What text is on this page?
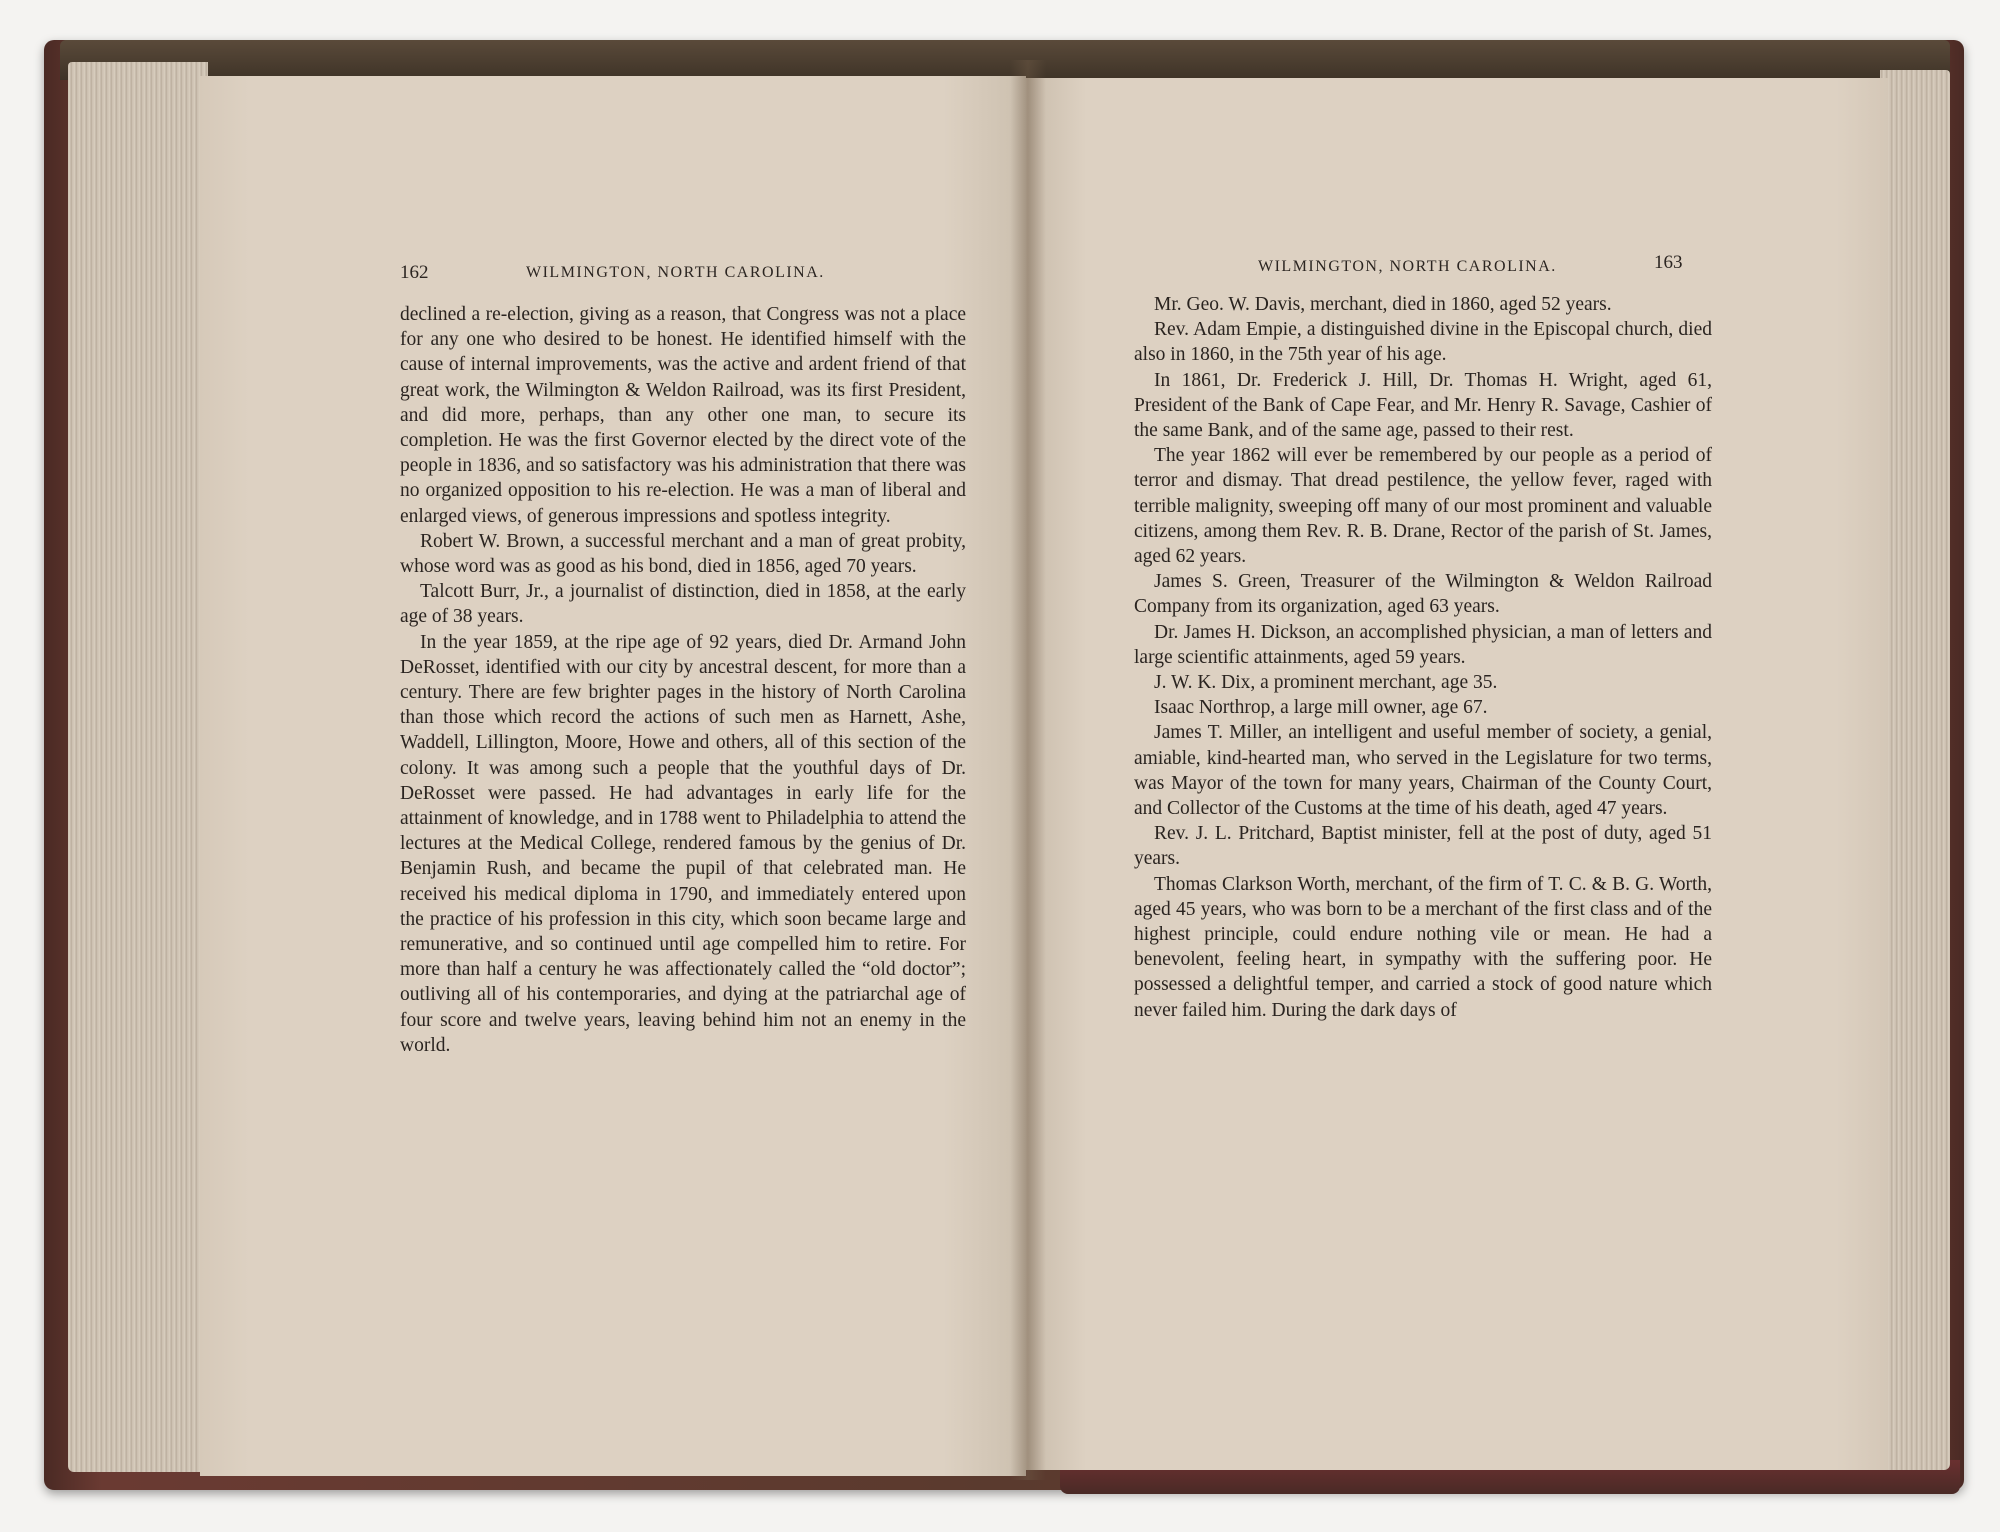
162	WILMINGTON, NORTH CAROLINA.

declined a re-election, giving as a reason, that Congress was not a place for any one who desired to be honest. He identified himself with the cause of internal improvements, was the active and ardent friend of that great work, the Wilmington & Weldon Railroad, was its first President, and did more, perhaps, than any other one man, to secure its completion. He was the first Governor elected by the direct vote of the people in 1836, and so satisfactory was his administration that there was no organized opposition to his re-election. He was a man of liberal and enlarged views, of generous impressions and spotless integrity.

Robert W. Brown, a successful merchant and a man of great probity, whose word was as good as his bond, died in 1856, aged 70 years.

Talcott Burr, Jr., a journalist of distinction, died in 1858, at the early age of 38 years.

In the year 1859, at the ripe age of 92 years, died Dr. Armand John DeRosset, identified with our city by ancestral descent, for more than a century. There are few brighter pages in the history of North Carolina than those which record the actions of such men as Harnett, Ashe, Waddell, Lillington, Moore, Howe and others, all of this section of the colony. It was among such a people that the youthful days of Dr. DeRosset were passed. He had advantages in early life for the attainment of knowledge, and in 1788 went to Philadelphia to attend the lectures at the Medical College, rendered famous by the genius of Dr. Benjamin Rush, and became the pupil of that celebrated man. He received his medical diploma in 1790, and immediately entered upon the practice of his profession in this city, which soon became large and remunerative, and so continued until age compelled him to retire. For more than half a century he was affectionately called the “old doctor”; outliving all of his contemporaries, and dying at the patriarchal age of four score and twelve years, leaving behind him not an enemy in the world.

WILMINGTON, NORTH CAROLINA.	163

Mr. Geo. W. Davis, merchant, died in 1860, aged 52 years.

Rev. Adam Empie, a distinguished divine in the Episcopal church, died also in 1860, in the 75th year of his age.

In 1861, Dr. Frederick J. Hill, Dr. Thomas H. Wright, aged 61, President of the Bank of Cape Fear, and Mr. Henry R. Savage, Cashier of the same Bank, and of the same age, passed to their rest.

The year 1862 will ever be remembered by our people as a period of terror and dismay. That dread pestilence, the yellow fever, raged with terrible malignity, sweeping off many of our most prominent and valuable citizens, among them Rev. R. B. Drane, Rector of the parish of St. James, aged 62 years.

James S. Green, Treasurer of the Wilmington & Weldon Railroad Company from its organization, aged 63 years.

Dr. James H. Dickson, an accomplished physician, a man of letters and large scientific attainments, aged 59 years.

J. W. K. Dix, a prominent merchant, age 35.

Isaac Northrop, a large mill owner, age 67.

James T. Miller, an intelligent and useful member of society, a genial, amiable, kind-hearted man, who served in the Legislature for two terms, was Mayor of the town for many years, Chairman of the County Court, and Collector of the Customs at the time of his death, aged 47 years.

Rev. J. L. Pritchard, Baptist minister, fell at the post of duty, aged 51 years.

Thomas Clarkson Worth, merchant, of the firm of T. C. & B. G. Worth, aged 45 years, who was born to be a merchant of the first class and of the highest principle, could endure nothing vile or mean. He had a benevolent, feeling heart, in sympathy with the suffering poor. He possessed a delightful temper, and carried a stock of good nature which never failed him. During the dark days of
